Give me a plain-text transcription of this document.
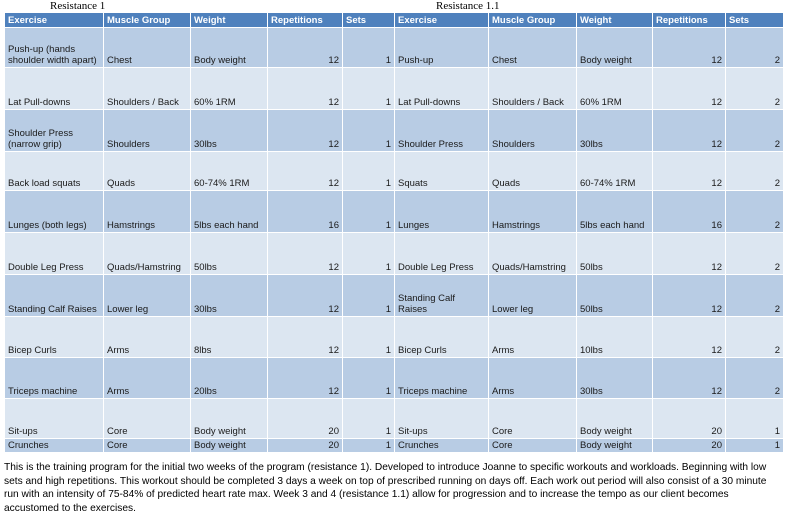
Resistance 1
Exercise	Muscle Group	Weight	Repetitions	Sets
Push-up (hands shoulder width apart)	Chest	Body weight	12	1
Lat Pull-downs	Shoulders / Back	60% 1RM	12	1
Shoulder Press (narrow grip)	Shoulders	30lbs	12	1
Back load squats	Quads	60-74% 1RM	12	1
Lunges (both legs)	Hamstrings	5lbs each hand	16	1
Double Leg Press	Quads/Hamstring	50lbs	12	1
Standing Calf Raises	Lower leg	30lbs	12	1
Bicep Curls	Arms	8lbs	12	1
Triceps machine	Arms	20lbs	12	1
Sit-ups	Core	Body weight	20	1
Crunches	Core	Body weight	20	1
Resistance 1.1
Exercise	Muscle Group	Weight	Repetitions	Sets
Push-up	Chest	Body weight	12	2
Lat Pull-downs	Shoulders / Back	60% 1RM	12	2
Shoulder Press	Shoulders	30lbs	12	2
Squats	Quads	60-74% 1RM	12	2
Lunges	Hamstrings	5lbs each hand	16	2
Double Leg Press	Quads/Hamstring	50lbs	12	2
Standing Calf Raises	Lower leg	50lbs	12	2
Bicep Curls	Arms	10lbs	12	2
Triceps machine	Arms	30lbs	12	2
Sit-ups	Core	Body weight	20	1
Crunches	Core	Body weight	20	1
This is the training program for the initial two weeks of the program (resistance 1). Developed to introduce Joanne to specific workouts and workloads. Beginning with low sets and high repetitions. This workout should be completed 3 days a week on top of prescribed running on days off. Each work out period will also consist of a 30 minute run with an intensity of 75-84% of predicted heart rate max. Week 3 and 4 (resistance 1.1) allow for progression and to increase the tempo as our client becomes accustomed to the exercises.
